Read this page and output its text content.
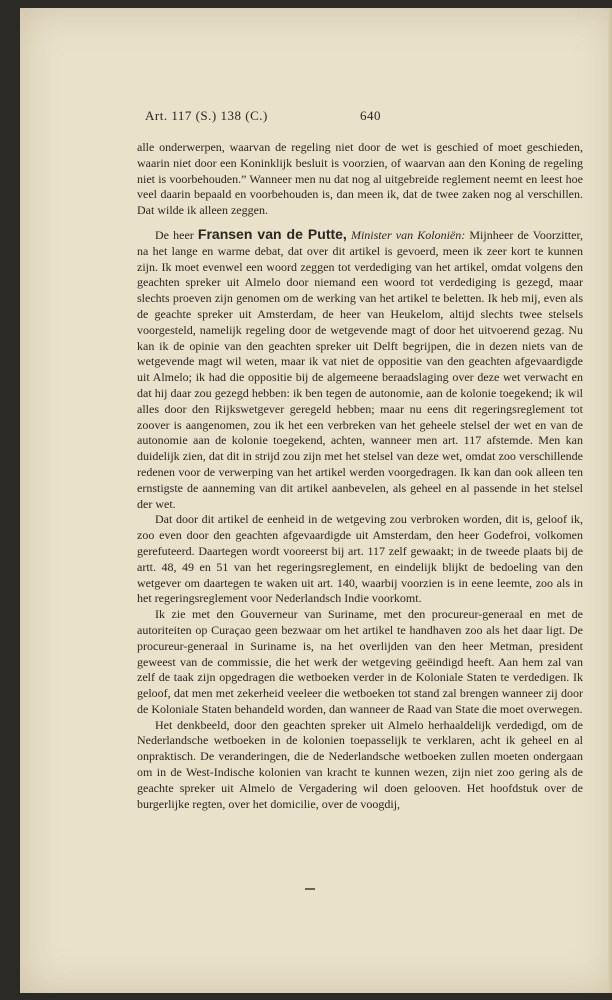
Art. 117 (S.) 138 (C.)	640

alle onderwerpen, waarvan de regeling niet door de wet is geschied of moet geschieden, waarin niet door een Koninklijk besluit is voorzien, of waarvan aan den Koning de regeling niet is voorbehouden.” Wanneer men nu dat nog al uitgebreide reglement neemt en leest hoe veel daarin bepaald en voorbehouden is, dan meen ik, dat de twee zaken nog al verschillen. Dat wilde ik alleen zeggen.

De heer Fransen van de Putte, Minister van Koloniën: Mijnheer de Voorzitter, na het lange en warme debat, dat over dit artikel is gevoerd, meen ik zeer kort te kunnen zijn. Ik moet evenwel een woord zeggen tot verdediging van het artikel, omdat volgens den geachten spreker uit Almelo door niemand een woord tot verdediging is gezegd, maar slechts proeven zijn genomen om de werking van het artikel te beletten. Ik heb mij, even als de geachte spreker uit Amsterdam, de heer van Heukelom, altijd slechts twee stelsels voorgesteld, namelijk regeling door de wetgevende magt of door het uitvoerend gezag. Nu kan ik de opinie van den geachten spreker uit Delft begrijpen, die in dezen niets van de wetgevende magt wil weten, maar ik vat niet de oppositie van den geachten afgevaardigde uit Almelo; ik had die oppositie bij de algemeene beraadslaging over deze wet verwacht en dat hij daar zou gezegd hebben: ik ben tegen de autonomie, aan de kolonie toegekend; ik wil alles door den Rijkswetgever geregeld hebben; maar nu eens dit regeringsreglement tot zoover is aangenomen, zou ik het een verbreken van het geheele stelsel der wet en van de autonomie aan de kolonie toegekend, achten, wanneer men art. 117 afstemde. Men kan duidelijk zien, dat dit in strijd zou zijn met het stelsel van deze wet, omdat zoo verschillende redenen voor de verwerping van het artikel werden voorgedragen. Ik kan dan ook alleen ten ernstigste de aanneming van dit artikel aanbevelen, als geheel en al passende in het stelsel der wet.

Dat door dit artikel de eenheid in de wetgeving zou verbroken worden, dit is, geloof ik, zoo even door den geachten afgevaardigde uit Amsterdam, den heer Godefroi, volkomen gerefuteerd. Daartegen wordt vooreerst bij art. 117 zelf gewaakt; in de tweede plaats bij de artt. 48, 49 en 51 van het regeringsreglement, en eindelijk blijkt de bedoeling van den wetgever om daartegen te waken uit art. 140, waarbij voorzien is in eene leemte, zoo als in het regeringsreglement voor Nederlandsch Indie voorkomt.

Ik zie met den Gouverneur van Suriname, met den procureur-generaal en met de autoriteiten op Curaçao geen bezwaar om het artikel te handhaven zoo als het daar ligt. De procureur-generaal in Suriname is, na het overlijden van den heer Metman, president geweest van de commissie, die het werk der wetgeving geëindigd heeft. Aan hem zal van zelf de taak zijn opgedragen die wetboeken verder in de Koloniale Staten te verdedigen. Ik geloof, dat men met zekerheid veeleer die wetboeken tot stand zal brengen wanneer zij door de Koloniale Staten behandeld worden, dan wanneer de Raad van State die moet overwegen.

Het denkbeeld, door den geachten spreker uit Almelo herhaaldelijk verdedigd, om de Nederlandsche wetboeken in de kolonien toepasselijk te verklaren, acht ik geheel en al onpraktisch. De veranderingen, die de Nederlandsche wetboeken zullen moeten ondergaan om in de West-Indische kolonien van kracht te kunnen wezen, zijn niet zoo gering als de geachte spreker uit Almelo de Vergadering wil doen gelooven. Het hoofdstuk over de burgerlijke regten, over het domicilie, over de voogdij,
